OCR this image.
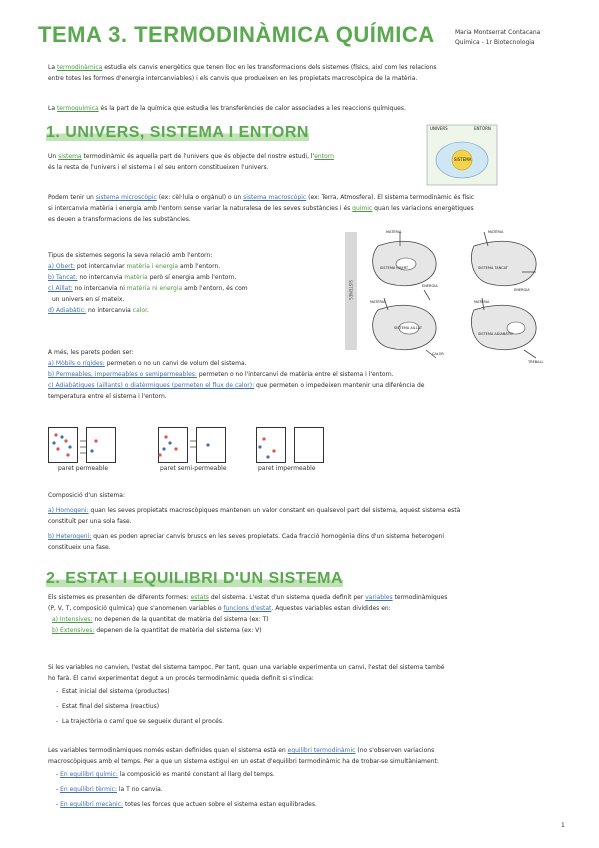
TEMA 3. TERMODINÀMICA QUÍMICA	Maria Montserrat Contacana
Química - 1r Biotecnologia
La termodinàmica estudia els canvis energètics que tenen lloc en les transformacions dels sistemes (físics, així com les relacions
entre totes les formes d'energia intercanviables) i els canvis que produeixen en les propietats macroscòpica de la matèria.
La termoquímica és la part de la química que estudia les transferències de calor associades a les reaccions químiques.
1. UNIVERS, SISTEMA I ENTORN	UNIVERS
SISTEMA
ENTORN
Un sistema termodinàmic és aquella part de l'univers que és objecte del nostre estudi, l'entorn
és la resta de l'univers i el sistema i el seu entorn constitueixen l'univers.
Podem tenir un sistema microscòpic (ex: cèl·lula o orgànul) o un sistema macroscòpic (ex: Terra, Atmosfera). El sistema termodinàmic és físic
si intercanvia matèria i energia amb l'entorn sense variar la naturalesa de les seves substàncies i és químic quan les variacions energètiques
es deuen a transformacions de les substàncies.
Tipus de sistemes segons la seva relació amb l'entorn:
a) Obert: pot intercanviar matèria i energia amb l'entorn.
b) Tancat: no intercanvia matèria però sí energia amb l'entorn.
c) Aïllat: no intercanvia ni matèria ni energia amb l'entorn, és com
un univers en sí mateix.
d) Adiabàtic: no intercanvia calor.
SISTEMES
MATÈRIA
SISTEMA OBERT
ENERGIA
MATÈRIA
SISTEMA TANCAT
ENERGIA
MATÈRIA
SISTEMA AÏLLAT
CALOR
MATÈRIA
SISTEMA ADIABÀTIC
TREBALL
A més, les parets poden ser:
a) Mòbils o rígides: permeten o no un canvi de volum del sistema.
b) Permeables, impermeables o semipermeables: permeten o no l'intercanvi de matèria entre el sistema i l'entorn.
c) Adiabàtiques (aïllants) o diatèrmiques (permeten el flux de calor): que permeten o impedeixen mantenir una diferència de
temperatura entre el sistema i l'entorn.
paret permeable	paret semi-permeable	paret impermeable
Composició d'un sistema:
a) Homogeni: quan les seves propietats macroscòpiques mantenen un valor constant en qualsevol part del sistema, aquest sistema està
constituït per una sola fase.
b) Heterogeni: quan es poden apreciar canvis bruscs en les seves propietats. Cada fracció homogènia dins d'un sistema heterogeni
constitueix una fase.
2. ESTAT I EQUILIBRI D'UN SISTEMA
Els sistemes es presenten de diferents formes: estats del sistema. L'estat d'un sistema queda definit per variables termodinàmiques
(P, V, T, composició química) que s'anomenen variables o funcions d'estat. Aquestes variables estan dividides en:
a) Intensives: no depenen de la quantitat de matèria del sistema (ex: T)
b) Extensives: depenen de la quantitat de matèria del sistema (ex: V)
Si les variables no canvien, l'estat del sistema tampoc. Per tant, quan una variable experimenta un canvi, l'estat del sistema també
ho farà. El canvi experimentat degut a un procés termodinàmic queda definit si s'indica:
-  Estat inicial del sistema (productes)
-  Estat final del sistema (reactius)
-  La trajectòria o camí que se segueix durant el procés.
Les variables termodinàmiques només estan definides quan el sistema està en equilibri termodinàmic (no s'observen variacions
macroscòpiques amb el temps. Per a que un sistema estigui en un estat d'equilibri termodinàmic ha de trobar-se simultàniament:
- En equilibri químic: la composició es manté constant al llarg del temps.
- En equilibri tèrmic: la T no canvia.
- En equilibri mecànic: totes les forces que actuen sobre el sistema estan equilibrades.
1
